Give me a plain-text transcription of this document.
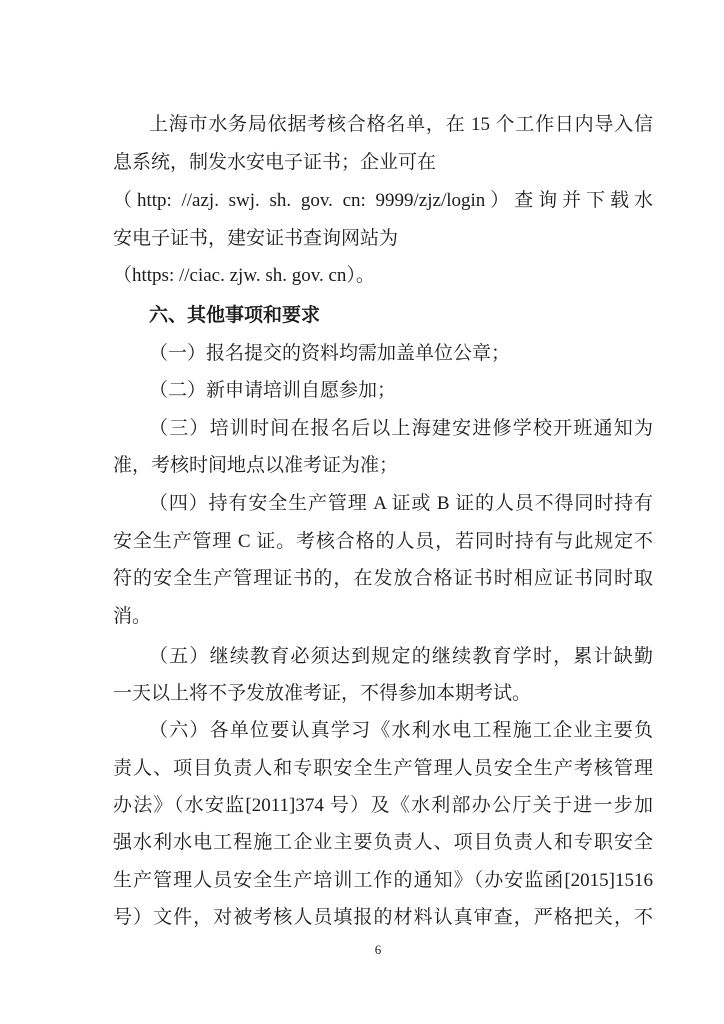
上海市水务局依据考核合格名单，在 15 个工作日内导入信
息系统，制发水安电子证书；企业可在
（http: //azj. swj. sh. gov. cn: 9999/zjz/login）查询并下载水
安电子证书，建安证书查询网站为
（https: //ciac. zjw. sh. gov. cn）。
六、其他事项和要求
（一）报名提交的资料均需加盖单位公章；
（二）新申请培训自愿参加；
（三）培训时间在报名后以上海建安进修学校开班通知为
准，考核时间地点以准考证为准；
（四）持有安全生产管理 A 证或 B 证的人员不得同时持有
安全生产管理 C 证。考核合格的人员，若同时持有与此规定不
符的安全生产管理证书的，在发放合格证书时相应证书同时取
消。
（五）继续教育必须达到规定的继续教育学时，累计缺勤
一天以上将不予发放准考证，不得参加本期考试。
（六）各单位要认真学习《水利水电工程施工企业主要负
责人、项目负责人和专职安全生产管理人员安全生产考核管理
办法》（水安监[2011]374 号）及《水利部办公厅关于进一步加
强水利水电工程施工企业主要负责人、项目负责人和专职安全
生产管理人员安全生产培训工作的通知》（办安监函[2015]1516
号）文件，对被考核人员填报的材料认真审查，严格把关，不
6
